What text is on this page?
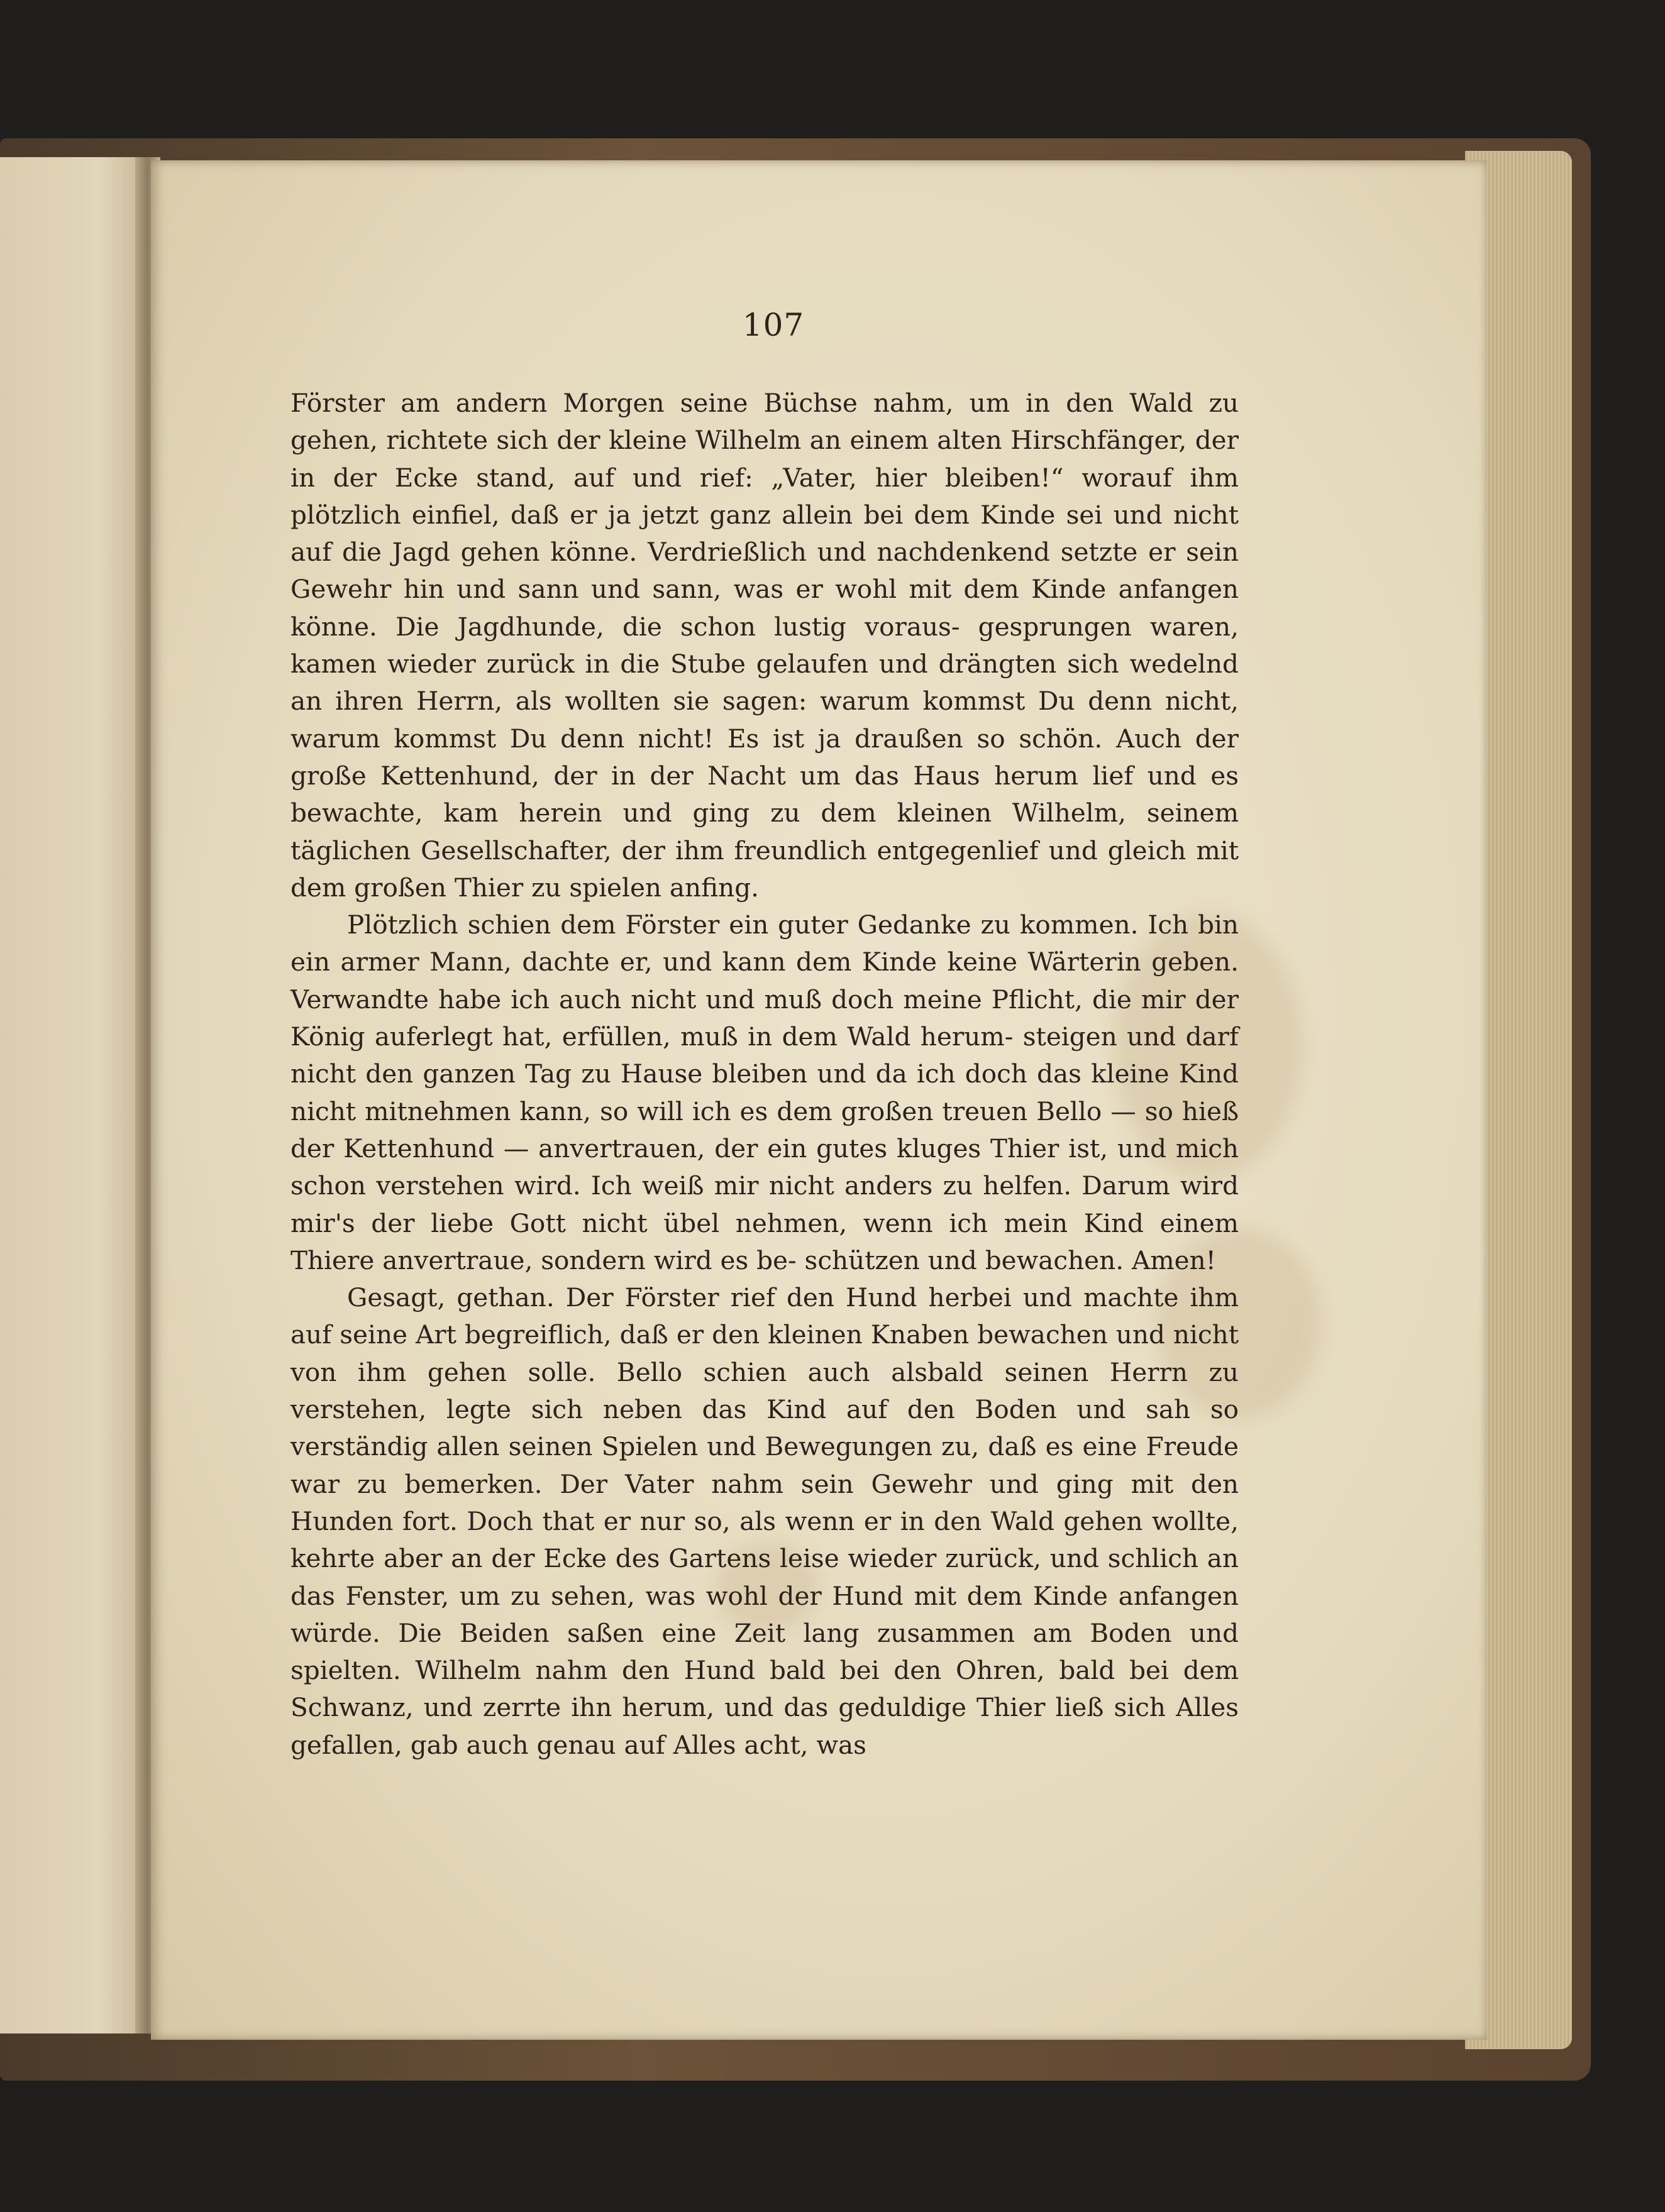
107

Förster am andern Morgen seine Büchse nahm, um in den Wald zu gehen, richtete sich der kleine Wilhelm an einem alten Hirschfänger, der in der Ecke stand, auf und rief: „Vater, hier bleiben!“ worauf ihm plötzlich einfiel, daß er ja jetzt ganz allein bei dem Kinde sei und nicht auf die Jagd gehen könne. Verdrießlich und nachdenkend setzte er sein Gewehr hin und sann und sann, was er wohl mit dem Kinde anfangen könne. Die Jagdhunde, die schon lustig voraus- gesprungen waren, kamen wieder zurück in die Stube gelaufen und drängten sich wedelnd an ihren Herrn, als wollten sie sagen: warum kommst Du denn nicht, warum kommst Du denn nicht! Es ist ja draußen so schön. Auch der große Kettenhund, der in der Nacht um das Haus herum lief und es bewachte, kam herein und ging zu dem kleinen Wilhelm, seinem täglichen Gesellschafter, der ihm freundlich entgegenlief und gleich mit dem großen Thier zu spielen anfing.

Plötzlich schien dem Förster ein guter Gedanke zu kommen. Ich bin ein armer Mann, dachte er, und kann dem Kinde keine Wärterin geben. Verwandte habe ich auch nicht und muß doch meine Pflicht, die mir der König auferlegt hat, erfüllen, muß in dem Wald herum- steigen und darf nicht den ganzen Tag zu Hause bleiben und da ich doch das kleine Kind nicht mitnehmen kann, so will ich es dem großen treuen Bello — so hieß der Kettenhund — anvertrauen, der ein gutes kluges Thier ist, und mich schon verstehen wird. Ich weiß mir nicht anders zu helfen. Darum wird mir's der liebe Gott nicht übel nehmen, wenn ich mein Kind einem Thiere anvertraue, sondern wird es be- schützen und bewachen. Amen!

Gesagt, gethan. Der Förster rief den Hund herbei und machte ihm auf seine Art begreiflich, daß er den kleinen Knaben bewachen und nicht von ihm gehen solle. Bello schien auch alsbald seinen Herrn zu verstehen, legte sich neben das Kind auf den Boden und sah so verständig allen seinen Spielen und Bewegungen zu, daß es eine Freude war zu bemerken. Der Vater nahm sein Gewehr und ging mit den Hunden fort. Doch that er nur so, als wenn er in den Wald gehen wollte, kehrte aber an der Ecke des Gartens leise wieder zurück, und schlich an das Fenster, um zu sehen, was wohl der Hund mit dem Kinde anfangen würde. Die Beiden saßen eine Zeit lang zusammen am Boden und spielten. Wilhelm nahm den Hund bald bei den Ohren, bald bei dem Schwanz, und zerrte ihn herum, und das geduldige Thier ließ sich Alles gefallen, gab auch genau auf Alles acht, was
